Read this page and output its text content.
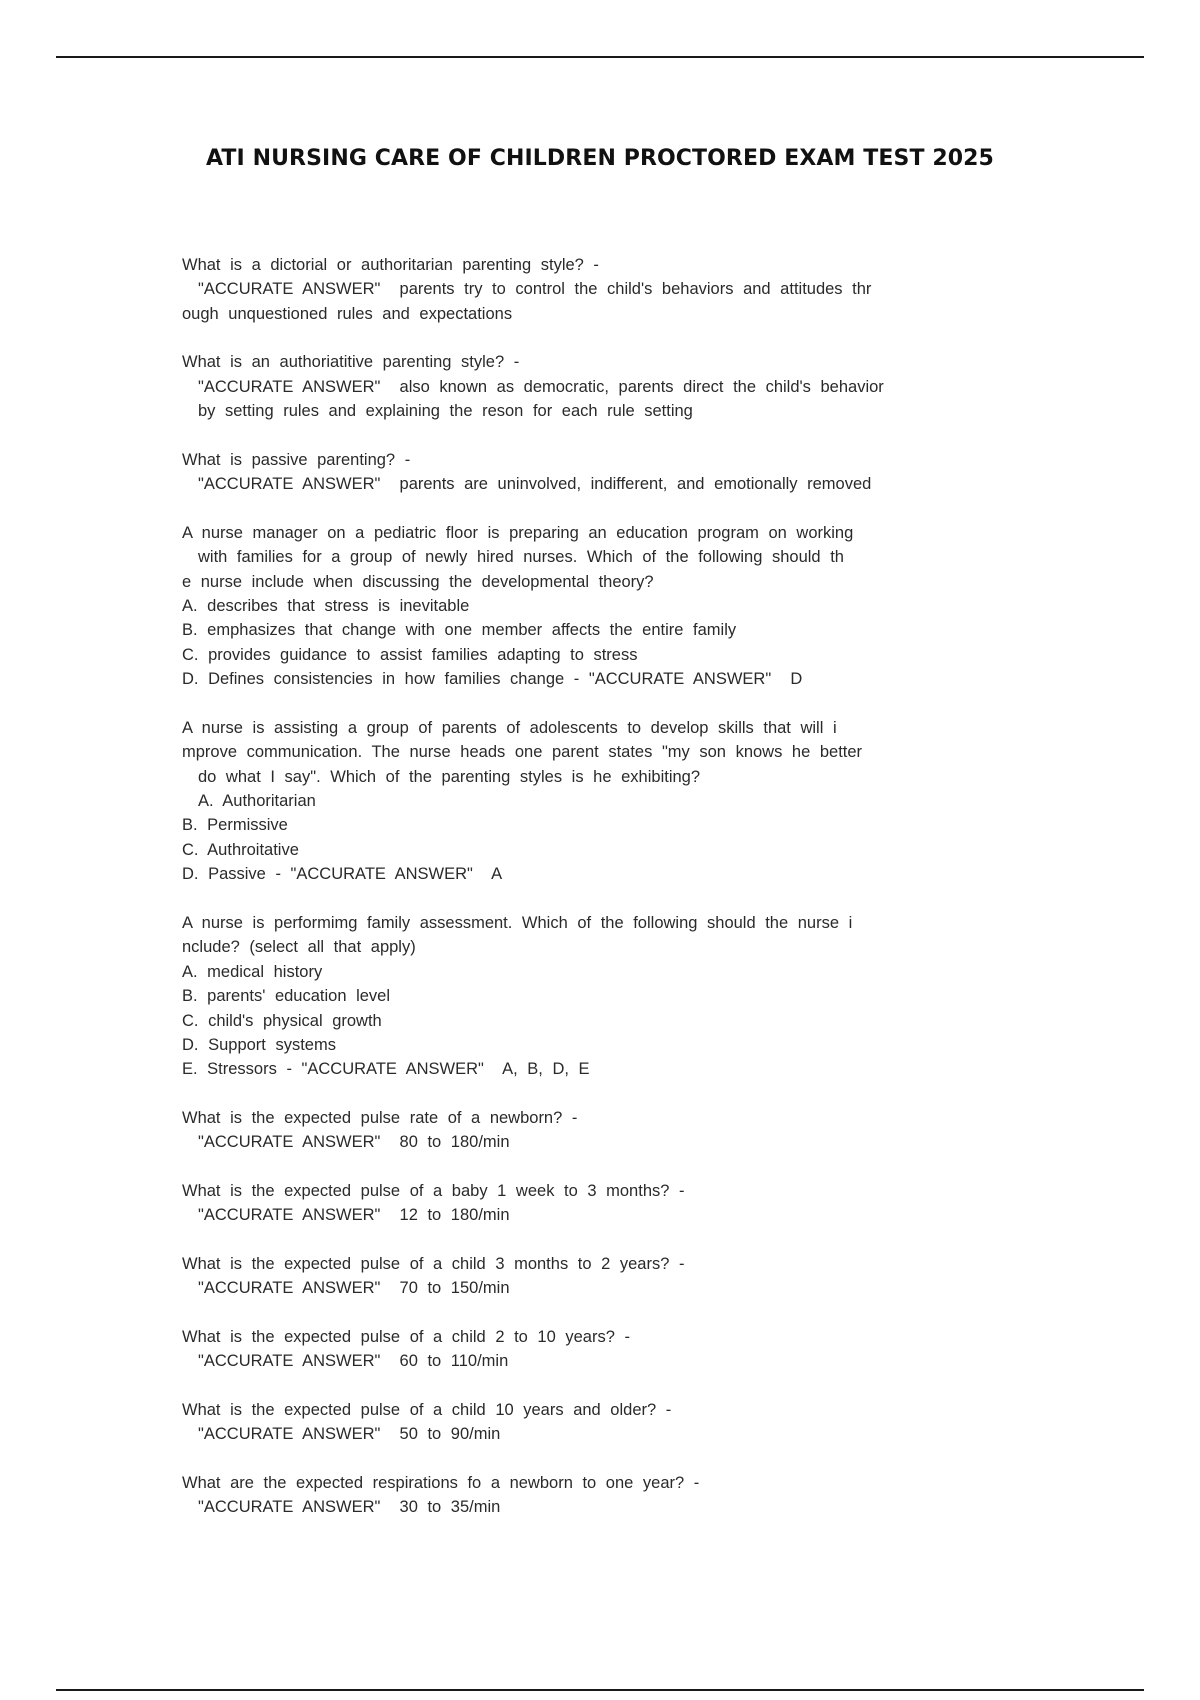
ATI NURSING CARE OF CHILDREN PROCTORED EXAM TEST 2025
What is a dictorial or authoritarian parenting style? -
"ACCURATE ANSWER"  parents try to control the child's behaviors and attitudes thr
ough unquestioned rules and expectations
What is an authoriatitive parenting style? -
"ACCURATE ANSWER"  also known as democratic, parents direct the child's behavior
by setting rules and explaining the reson for each rule setting
What is passive parenting? -
"ACCURATE ANSWER"  parents are uninvolved, indifferent, and emotionally removed
A nurse manager on a pediatric floor is preparing an education program on working
with families for a group of newly hired nurses. Which of the following should th
e nurse include when discussing the developmental theory?
A. describes that stress is inevitable
B. emphasizes that change with one member affects the entire family
C. provides guidance to assist families adapting to stress
D. Defines consistencies in how families change - "ACCURATE ANSWER"  D
A nurse is assisting a group of parents of adolescents to develop skills that will i
mprove communication. The nurse heads one parent states "my son knows he better
do what I say". Which of the parenting styles is he exhibiting?
A. Authoritarian
B. Permissive
C. Authroitative
D. Passive - "ACCURATE ANSWER"  A
A nurse is performimg family assessment. Which of the following should the nurse i
nclude? (select all that apply)
A. medical history
B. parents' education level
C. child's physical growth
D. Support systems
E. Stressors - "ACCURATE ANSWER"  A, B, D, E
What is the expected pulse rate of a newborn? -
"ACCURATE ANSWER"  80 to 180/min
What is the expected pulse of a baby 1 week to 3 months? -
"ACCURATE ANSWER"  12 to 180/min
What is the expected pulse of a child 3 months to 2 years? -
"ACCURATE ANSWER"  70 to 150/min
What is the expected pulse of a child 2 to 10 years? -
"ACCURATE ANSWER"  60 to 110/min
What is the expected pulse of a child 10 years and older? -
"ACCURATE ANSWER"  50 to 90/min
What are the expected respirations fo a newborn to one year? -
"ACCURATE ANSWER"  30 to 35/min
